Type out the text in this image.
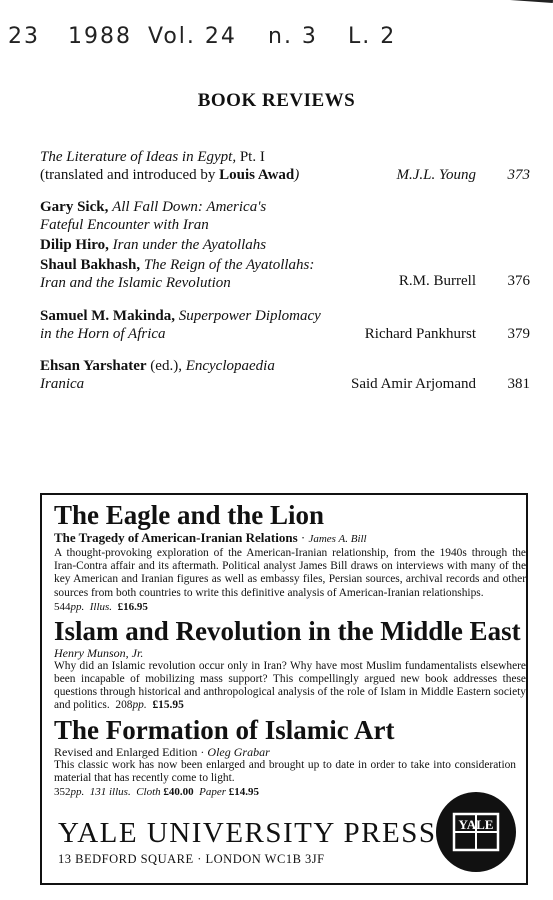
23 1988 Vol. 24 n. 3 L. 2
BOOK REVIEWS
The Literature of Ideas in Egypt, Pt. I
(translated and introduced by Louis Awad)	M.J.L. Young 373
Gary Sick, All Fall Down: America's
Fateful Encounter with Iran
Dilip Hiro, Iran under the Ayatollahs
Shaul Bakhash, The Reign of the Ayatollahs:
Iran and the Islamic Revolution	R.M. Burrell 376
Samuel M. Makinda, Superpower Diplomacy
in the Horn of Africa	Richard Pankhurst 379
Ehsan Yarshater (ed.), Encyclopaedia
Iranica	Said Amir Arjomand 381
The Eagle and the Lion
The Tragedy of American-Iranian Relations · James A. Bill
A thought-provoking exploration of the American-Iranian relationship, from the 1940s through the Iran-Contra affair and its aftermath. Political analyst James Bill draws on interviews with many of the key American and Iranian figures as well as embassy files, Persian sources, archival records and other sources from both countries to write this definitive analysis of American-Iranian relationships.
544pp. Illus. £16.95
Islam and Revolution in the Middle East
Henry Munson, Jr.
Why did an Islamic revolution occur only in Iran? Why have most Muslim fundamentalists elsewhere been incapable of mobilizing mass support? This compellingly argued new book addresses these questions through historical and anthropological analysis of the role of Islam in Middle Eastern society and politics. 208pp. £15.95
The Formation of Islamic Art
Revised and Enlarged Edition · Oleg Grabar
This classic work has now been enlarged and brought up to date in order to take into consideration material that has recently come to light.
352pp. 131 illus. Cloth £40.00 Paper £14.95
YALE UNIVERSITY PRESS
13 BEDFORD SQUARE · LONDON WC1B 3JF
YALE
